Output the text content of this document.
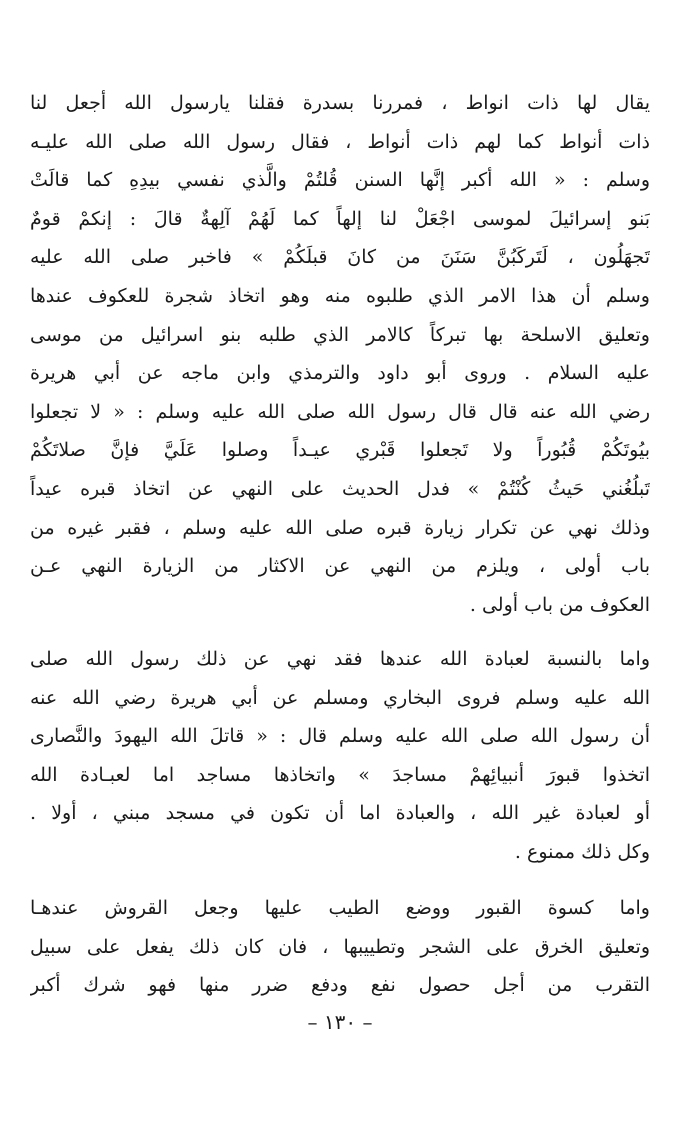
يقال لها ذات انواط ، فمررنا بسدرة فقلنا يارسول الله أجعل لنا
ذات أنواط كما لهم ذات أنواط ، فقال رسول الله صلى الله عليـه
وسلم : « الله أكبر إنَّها السنن قُلتُمْ والَّذي نفسي بيدِهِ كما قالَتْ
بَنو إسرائيلَ لموسى اجْعَلْ لنا إلهاً كما لَهُمْ آلِهةٌ قالَ : إنكمْ قومٌ
تَجهَلُون ، لَتَركَبُنَّ سَنَنَ من كانَ قبلَكُمْ » فاخبر صلى الله عليه
وسلم أن هذا الامر الذي طلبوه منه وهو اتخاذ شجرة للعكوف عندها
وتعليق الاسلحة بها تبركاً كالامر الذي طلبه بنو اسرائيل من موسى
عليه السلام . وروى أبو داود والترمذي وابن ماجه عن أبي هريرة
رضي الله عنه قال قال رسول الله صلى الله عليه وسلم : « لا تجعلوا
بيُوتَكُمْ قُبُوراً ولا تَجعلوا قَبْري عيـداً وصلوا عَلَيَّ فإنَّ صلاتَكُمْ
تَبلُغُني حَيثُ كُنْتُمْ » فدل الحديث على النهي عن اتخاذ قبره عيداً
وذلك نهي عن تكرار زيارة قبره صلى الله عليه وسلم ، فقبر غيره من
باب أولى ، ويلزم من النهي عن الاكثار من الزيارة النهي عـن
العكوف من باب أولى .
واما بالنسبة لعبادة الله عندها فقد نهي عن ذلك رسول الله صلى
الله عليه وسلم فروى البخاري ومسلم عن أبي هريرة رضي الله عنه
أن رسول الله صلى الله عليه وسلم قال : « قاتلَ الله اليهودَ والنَّصارى
اتخذوا قبورَ أنبيائِهمْ مساجدَ » واتخاذها مساجد اما لعبـادة الله
أو لعبادة غير الله ، والعبادة اما أن تكون في مسجد مبني ، أولا .
وكل ذلك ممنوع .
واما كسوة القبور ووضع الطيب عليها وجعل القروش عندهـا
وتعليق الخرق على الشجر وتطييبها ، فان كان ذلك يفعل على سبيل
التقرب من أجل حصول نفع ودفع ضرر منها فهو شرك أكبر
– ١٣٠ –
